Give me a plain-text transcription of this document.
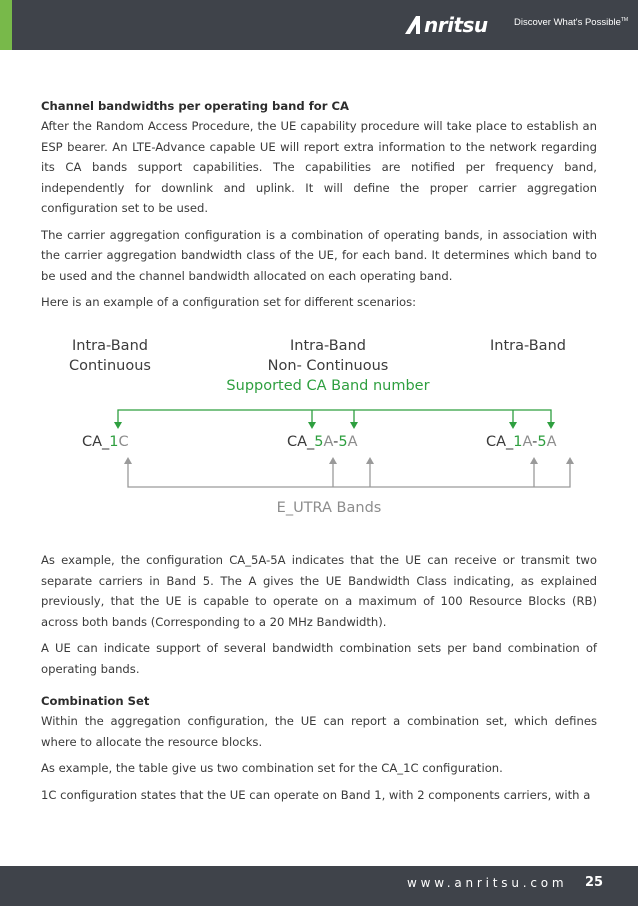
nritsu	Discover What's Possible™
Channel bandwidths per operating band for CA

After the Random Access Procedure, the UE capability procedure will take place to establish an ESP bearer. An LTE-Advance capable UE will report extra information to the network regarding its CA bands support capabilities. The capabilities are notified per frequency band, independently for downlink and uplink. It will define the proper carrier aggregation configuration set to be used.

The carrier aggregation configuration is a combination of operating bands, in association with the carrier aggregation bandwidth class of the UE, for each band. It determines which band to be used and the channel bandwidth allocated on each operating band.

Here is an example of a configuration set for different scenarios:

Intra-Band
Continuous
Intra-Band
Non- Continuous
Intra-Band
Supported CA Band number
CA_1C	CA_5A-5A	CA_1A-5A
E_UTRA Bands

As example, the configuration CA_5A-5A indicates that the UE can receive or transmit two separate carriers in Band 5. The A gives the UE Bandwidth Class indicating, as explained previously, that the UE is capable to operate on a maximum of 100 Resource Blocks (RB) across both bands (Corresponding to a 20 MHz Bandwidth).

A UE can indicate support of several bandwidth combination sets per band combination of operating bands.

Combination Set

Within the aggregation configuration, the UE can report a combination set, which defines where to allocate the resource blocks.

As example, the table give us two combination set for the CA_1C configuration.

1C configuration states that the UE can operate on Band 1, with 2 components carriers, with a

www.anritsu.com 25
